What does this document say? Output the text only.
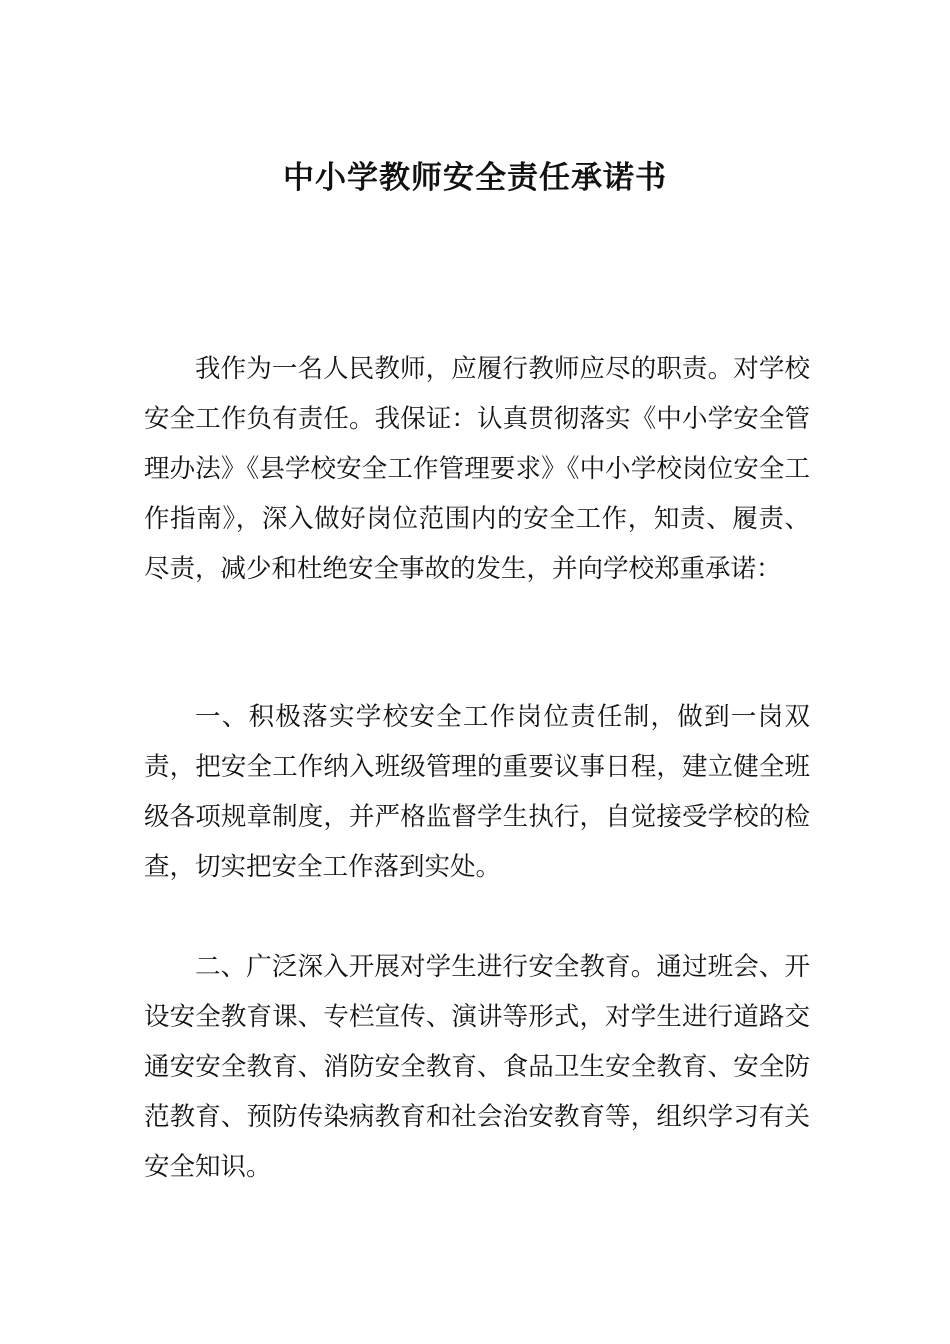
中小学教师安全责任承诺书

我作为一名人民教师，应履行教师应尽的职责。对学校安全工作负有责任。我保证：认真贯彻落实《中小学安全管理办法》《县学校安全工作管理要求》《中小学校岗位安全工作指南》，深入做好岗位范围内的安全工作，知责、履责、尽责，减少和杜绝安全事故的发生，并向学校郑重承诺：

一、积极落实学校安全工作岗位责任制，做到一岗双责，把安全工作纳入班级管理的重要议事日程，建立健全班级各项规章制度，并严格监督学生执行，自觉接受学校的检查，切实把安全工作落到实处。

二、广泛深入开展对学生进行安全教育。通过班会、开设安全教育课、专栏宣传、演讲等形式，对学生进行道路交通安安全教育、消防安全教育、食品卫生安全教育、安全防范教育、预防传染病教育和社会治安教育等，组织学习有关安全知识。
